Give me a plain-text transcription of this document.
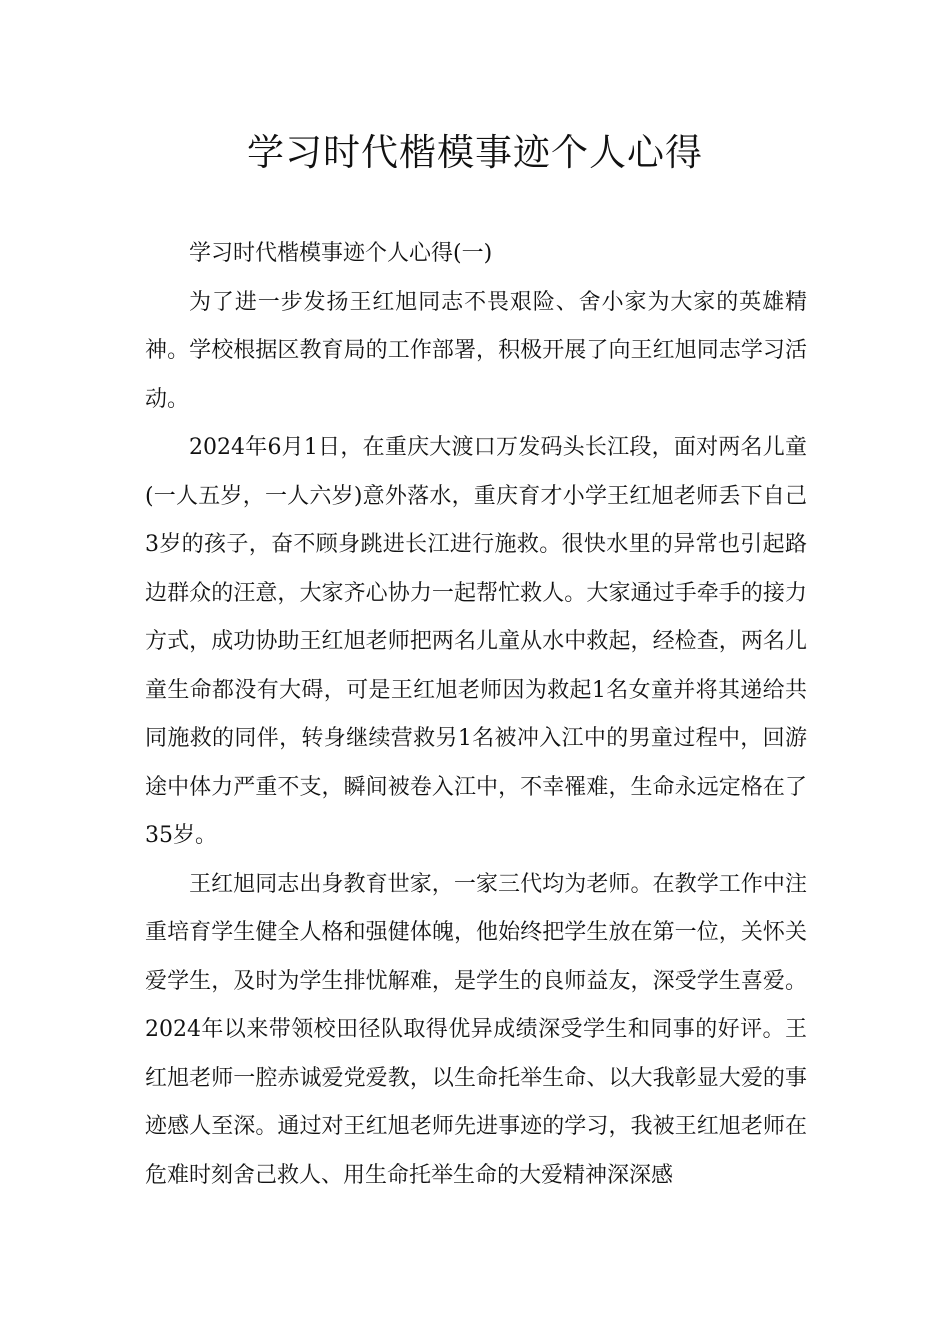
学习时代楷模事迹个人心得

学习时代楷模事迹个人心得(一)

为了进一步发扬王红旭同志不畏艰险、舍小家为大家的英雄精神。学校根据区教育局的工作部署，积极开展了向王红旭同志学习活动。

2024年6月1日，在重庆大渡口万发码头长江段，面对两名儿童(一人五岁，一人六岁)意外落水，重庆育才小学王红旭老师丢下自己3岁的孩子，奋不顾身跳进长江进行施救。很快水里的异常也引起路边群众的汪意，大家齐心协力一起帮忙救人。大家通过手牵手的接力方式，成功协助王红旭老师把两名儿童从水中救起，经检查，两名儿童生命都没有大碍，可是王红旭老师因为救起1名女童并将其递给共同施救的同伴，转身继续营救另1名被冲入江中的男童过程中，回游途中体力严重不支，瞬间被卷入江中，不幸罹难，生命永远定格在了35岁。

王红旭同志出身教育世家，一家三代均为老师。在教学工作中注重培育学生健全人格和强健体魄，他始终把学生放在第一位，关怀关爱学生，及时为学生排忧解难，是学生的良师益友，深受学生喜爱。2024年以来带领校田径队取得优异成绩深受学生和同事的好评。王红旭老师一腔赤诚爱党爱教，以生命托举生命、以大我彰显大爱的事迹感人至深。通过对王红旭老师先进事迹的学习，我被王红旭老师在危难时刻舍己救人、用生命托举生命的大爱精神深深感
